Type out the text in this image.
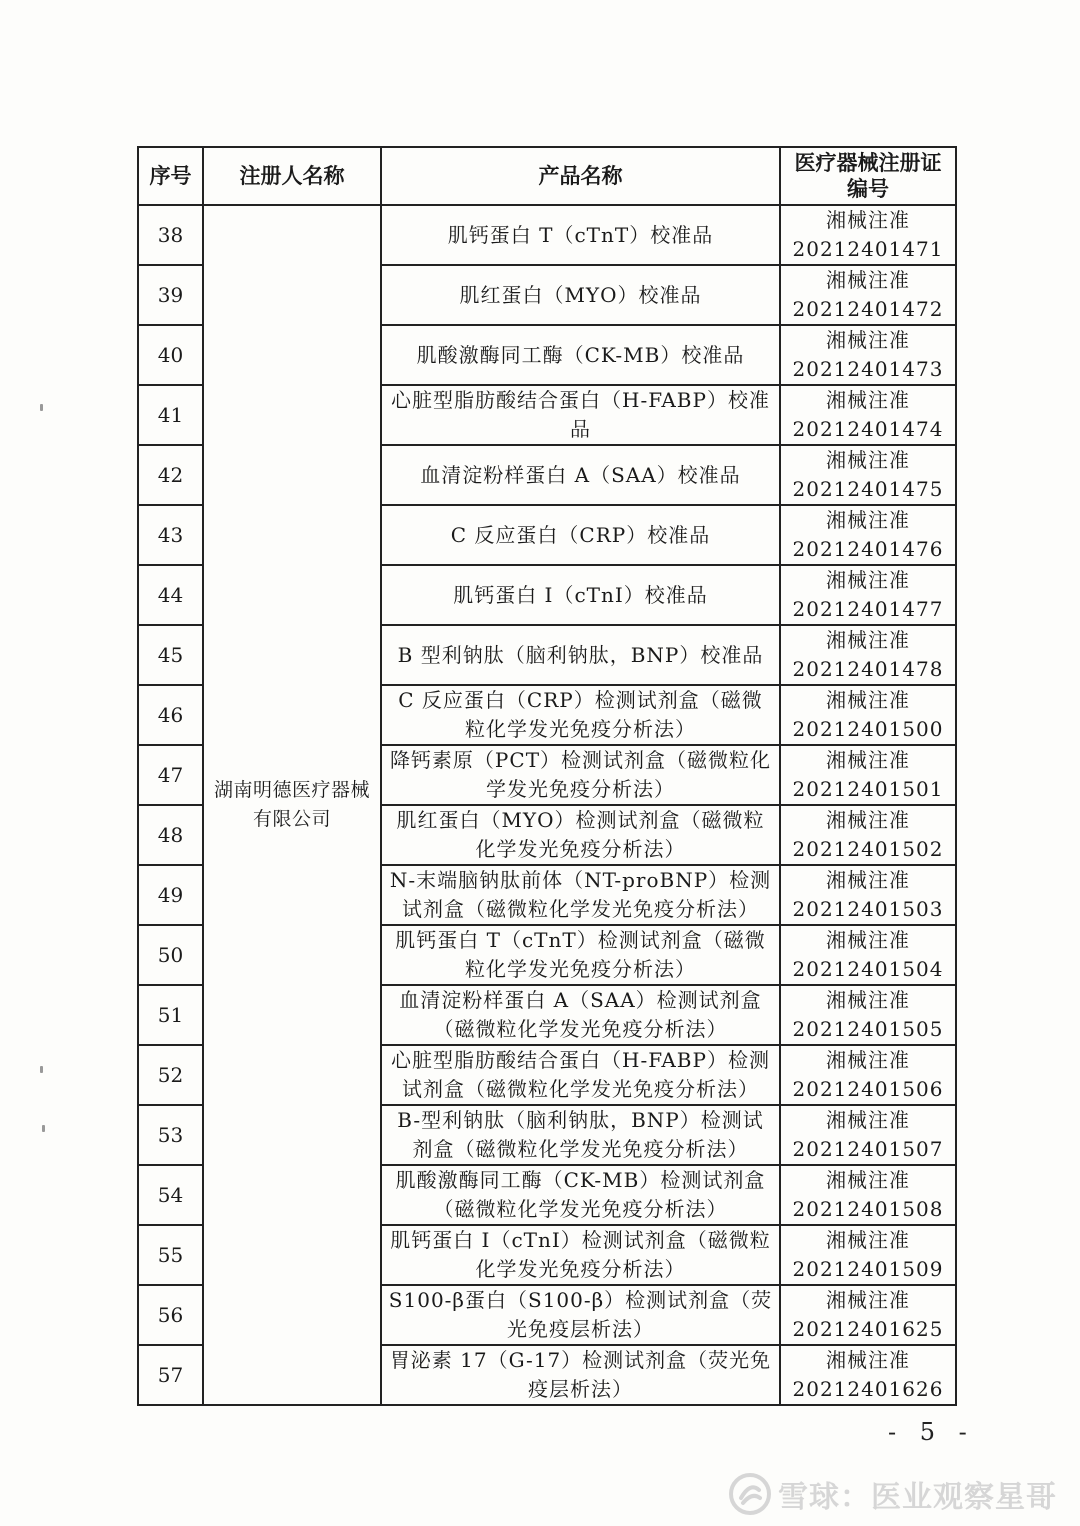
序号	注册人名称	产品名称	医疗器械注册证
编号

38	湖南明德医疗器械有限公司	肌钙蛋白 T（cTnT）校准品	湘械注准
20212401471

39		肌红蛋白（MYO）校准品	湘械注准
20212401472

40		肌酸激酶同工酶（CK-MB）校准品	湘械注准
20212401473

41		心脏型脂肪酸结合蛋白（H-FABP）校准品	湘械注准
20212401474

42		血清淀粉样蛋白 A（SAA）校准品	湘械注准
20212401475

43		C 反应蛋白（CRP）校准品	湘械注准
20212401476

44		肌钙蛋白 I（cTnI）校准品	湘械注准
20212401477

45		B 型利钠肽（脑利钠肽，BNP）校准品	湘械注准
20212401478

46		C 反应蛋白（CRP）检测试剂盒（磁微粒化学发光免疫分析法）	湘械注准
20212401500

47		降钙素原（PCT）检测试剂盒（磁微粒化学发光免疫分析法）	湘械注准
20212401501

48		肌红蛋白（MYO）检测试剂盒（磁微粒化学发光免疫分析法）	湘械注准
20212401502

49		N-末端脑钠肽前体（NT-proBNP）检测试剂盒（磁微粒化学发光免疫分析法）	湘械注准
20212401503

50		肌钙蛋白 T（cTnT）检测试剂盒（磁微粒化学发光免疫分析法）	湘械注准
20212401504

51		血清淀粉样蛋白 A（SAA）检测试剂盒（磁微粒化学发光免疫分析法）	湘械注准
20212401505

52		心脏型脂肪酸结合蛋白（H-FABP）检测试剂盒（磁微粒化学发光免疫分析法）	湘械注准
20212401506

53		B-型利钠肽（脑利钠肽，BNP）检测试剂盒（磁微粒化学发光免疫分析法）	湘械注准
20212401507

54		肌酸激酶同工酶（CK-MB）检测试剂盒（磁微粒化学发光免疫分析法）	湘械注准
20212401508

55		肌钙蛋白 I（cTnI）检测试剂盒（磁微粒化学发光免疫分析法）	湘械注准
20212401509

56		S100-β蛋白（S100-β）检测试剂盒（荧光免疫层析法）	湘械注准
20212401625

57		胃泌素 17（G-17）检测试剂盒（荧光免疫层析法）	湘械注准
20212401626
- 5 -
雪球：医业观察星哥
